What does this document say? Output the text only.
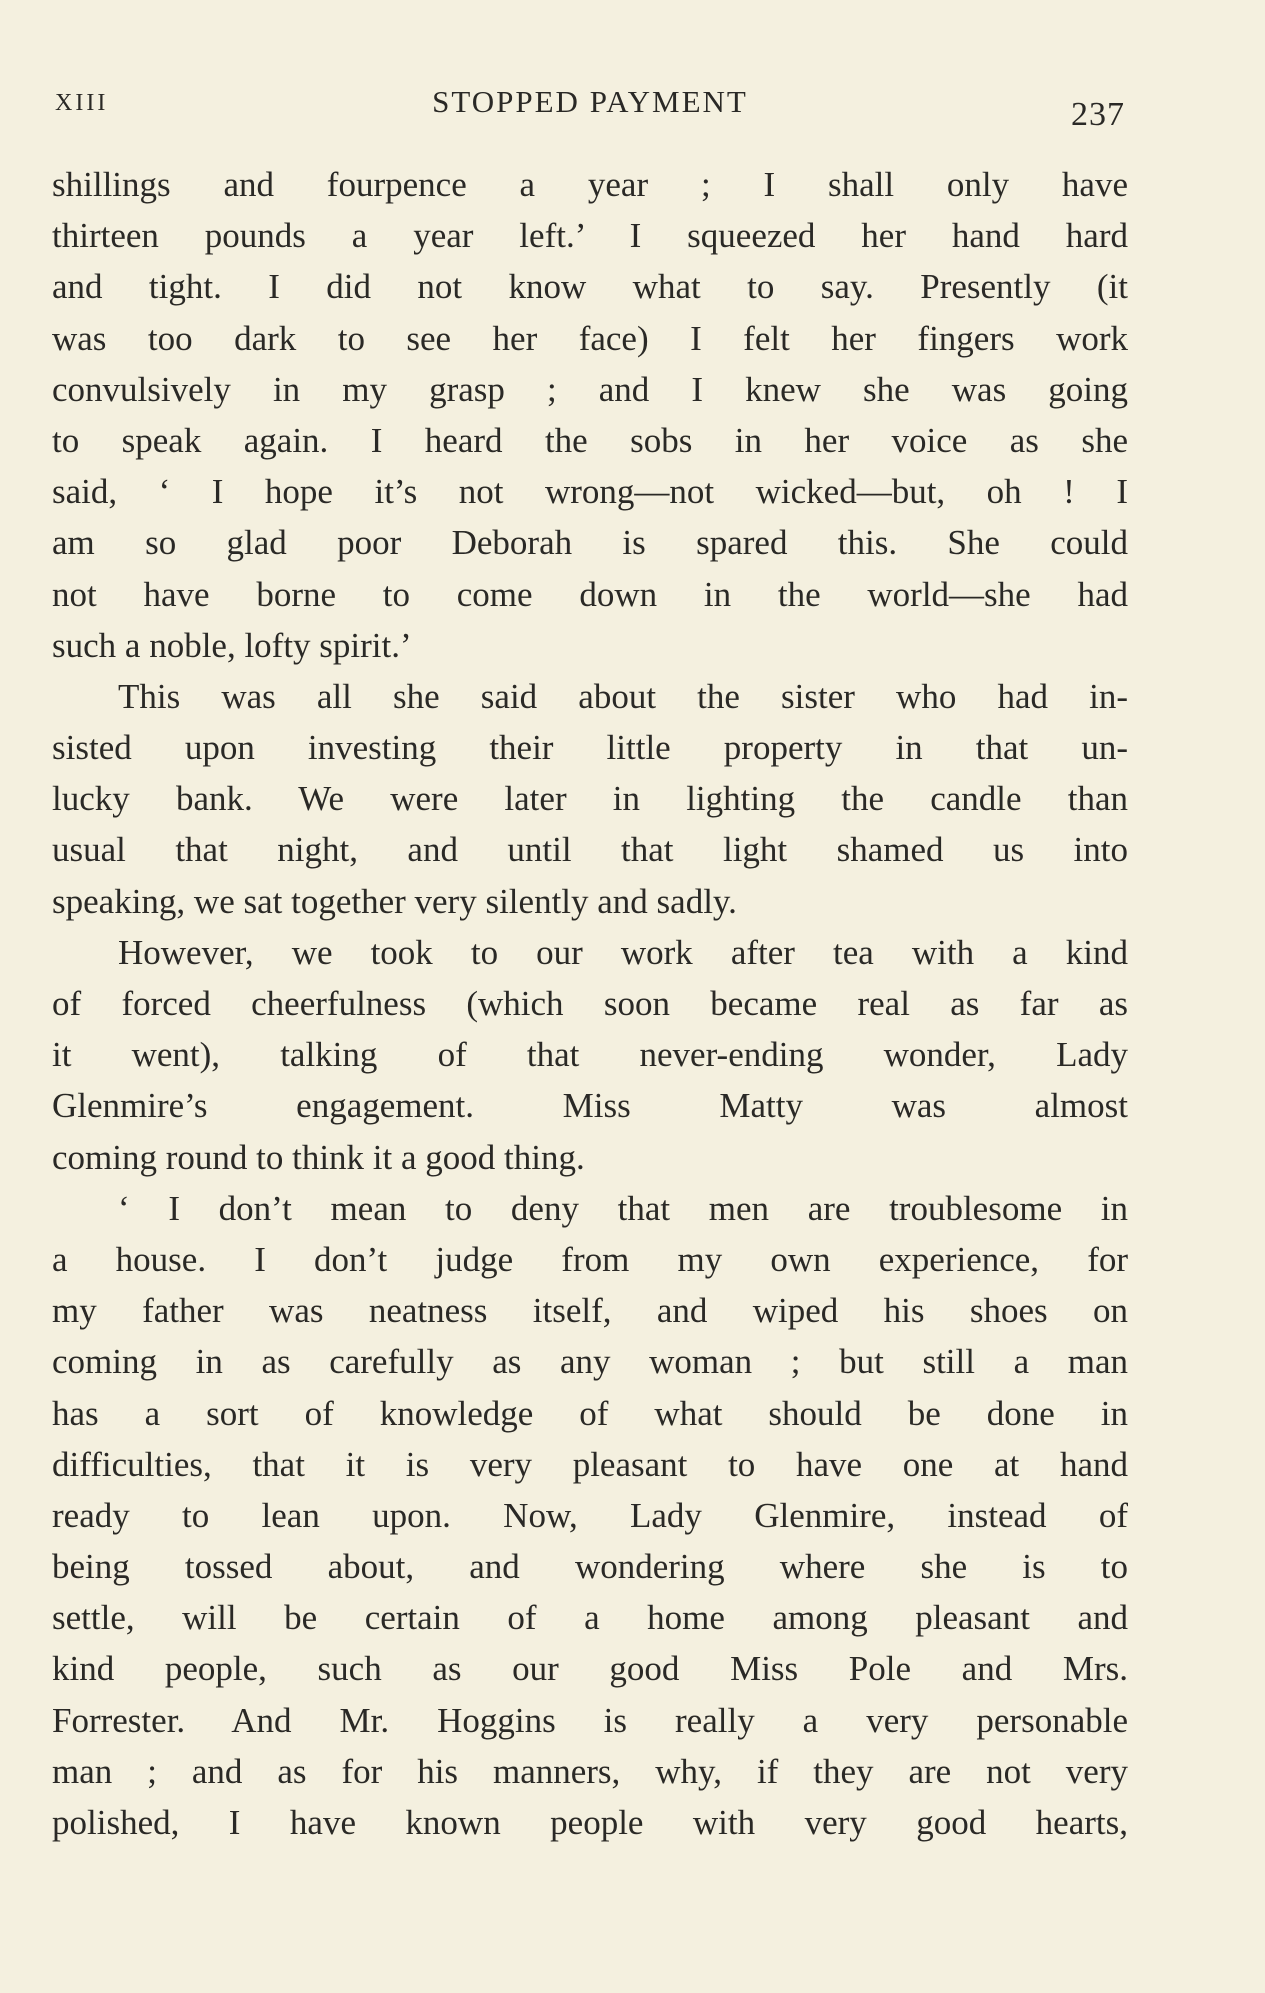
XIII	STOPPED PAYMENT	237
shillings and fourpence a year ; I shall only have
thirteen pounds a year left.’ I squeezed her hand hard
and tight. I did not know what to say. Presently (it
was too dark to see her face) I felt her fingers work
convulsively in my grasp ; and I knew she was going
to speak again. I heard the sobs in her voice as she
said, ‘ I hope it’s not wrong—not wicked—but, oh ! I
am so glad poor Deborah is spared this. She could
not have borne to come down in the world—she had
such a noble, lofty spirit.’
This was all she said about the sister who had in-
sisted upon investing their little property in that un-
lucky bank. We were later in lighting the candle than
usual that night, and until that light shamed us into
speaking, we sat together very silently and sadly.
However, we took to our work after tea with a kind
of forced cheerfulness (which soon became real as far as
it went), talking of that never-ending wonder, Lady
Glenmire’s engagement. Miss Matty was almost
coming round to think it a good thing.
‘ I don’t mean to deny that men are troublesome in
a house. I don’t judge from my own experience, for
my father was neatness itself, and wiped his shoes on
coming in as carefully as any woman ; but still a man
has a sort of knowledge of what should be done in
difficulties, that it is very pleasant to have one at hand
ready to lean upon. Now, Lady Glenmire, instead of
being tossed about, and wondering where she is to
settle, will be certain of a home among pleasant and
kind people, such as our good Miss Pole and Mrs.
Forrester. And Mr. Hoggins is really a very personable
man ; and as for his manners, why, if they are not very
polished, I have known people with very good hearts,
